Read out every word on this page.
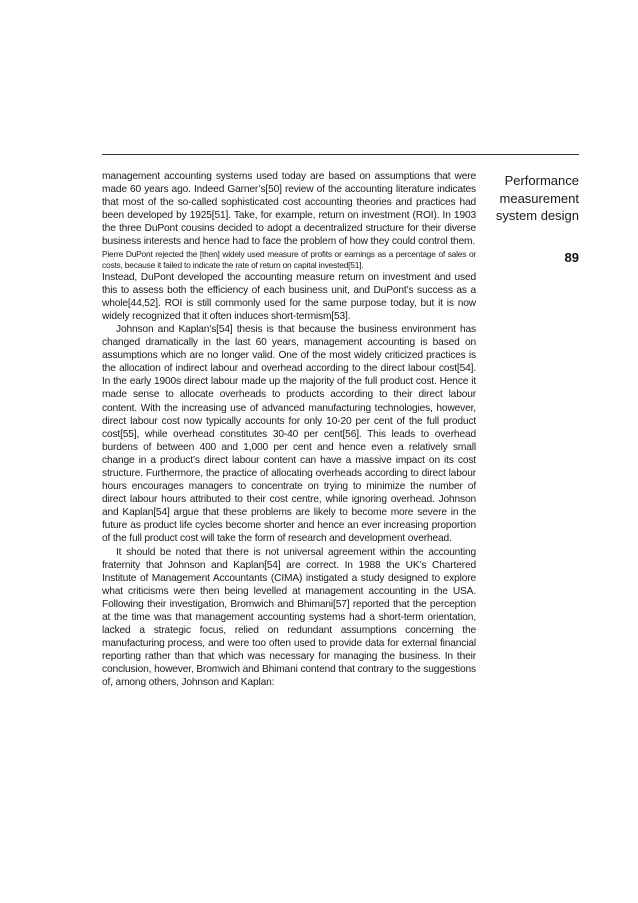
Performance
measurement
system design
89

management accounting systems used today are based on assumptions that were made 60 years ago. Indeed Garner’s[50] review of the accounting literature indicates that most of the so-called sophisticated cost accounting theories and practices had been developed by 1925[51]. Take, for example, return on investment (ROI). In 1903 the three DuPont cousins decided to adopt a decentralized structure for their diverse business interests and hence had to face the problem of how they could control them.

Pierre DuPont rejected the [then] widely used measure of profits or earnings as a percentage of sales or costs, because it failed to indicate the rate of return on capital invested[51].

Instead, DuPont developed the accounting measure return on investment and used this to assess both the efficiency of each business unit, and DuPont’s success as a whole[44,52]. ROI is still commonly used for the same purpose today, but it is now widely recognized that it often induces short-termism[53].

Johnson and Kaplan’s[54] thesis is that because the business environment has changed dramatically in the last 60 years, management accounting is based on assumptions which are no longer valid. One of the most widely criticized practices is the allocation of indirect labour and overhead according to the direct labour cost[54]. In the early 1900s direct labour made up the majority of the full product cost. Hence it made sense to allocate overheads to products according to their direct labour content. With the increasing use of advanced manufacturing technologies, however, direct labour cost now typically accounts for only 10-20 per cent of the full product cost[55], while overhead constitutes 30-40 per cent[56]. This leads to overhead burdens of between 400 and 1,000 per cent and hence even a relatively small change in a product’s direct labour content can have a massive impact on its cost structure. Furthermore, the practice of allocating overheads according to direct labour hours encourages managers to concentrate on trying to minimize the number of direct labour hours attributed to their cost centre, while ignoring overhead. Johnson and Kaplan[54] argue that these problems are likely to become more severe in the future as product life cycles become shorter and hence an ever increasing proportion of the full product cost will take the form of research and development overhead.

It should be noted that there is not universal agreement within the accounting fraternity that Johnson and Kaplan[54] are correct. In 1988 the UK’s Chartered Institute of Management Accountants (CIMA) instigated a study designed to explore what criticisms were then being levelled at management accounting in the USA. Following their investigation, Bromwich and Bhimani[57] reported that the perception at the time was that management accounting systems had a short-term orientation, lacked a strategic focus, relied on redundant assumptions concerning the manufacturing process, and were too often used to provide data for external financial reporting rather than that which was necessary for managing the business. In their conclusion, however, Bromwich and Bhimani contend that contrary to the suggestions of, among others, Johnson and Kaplan:
